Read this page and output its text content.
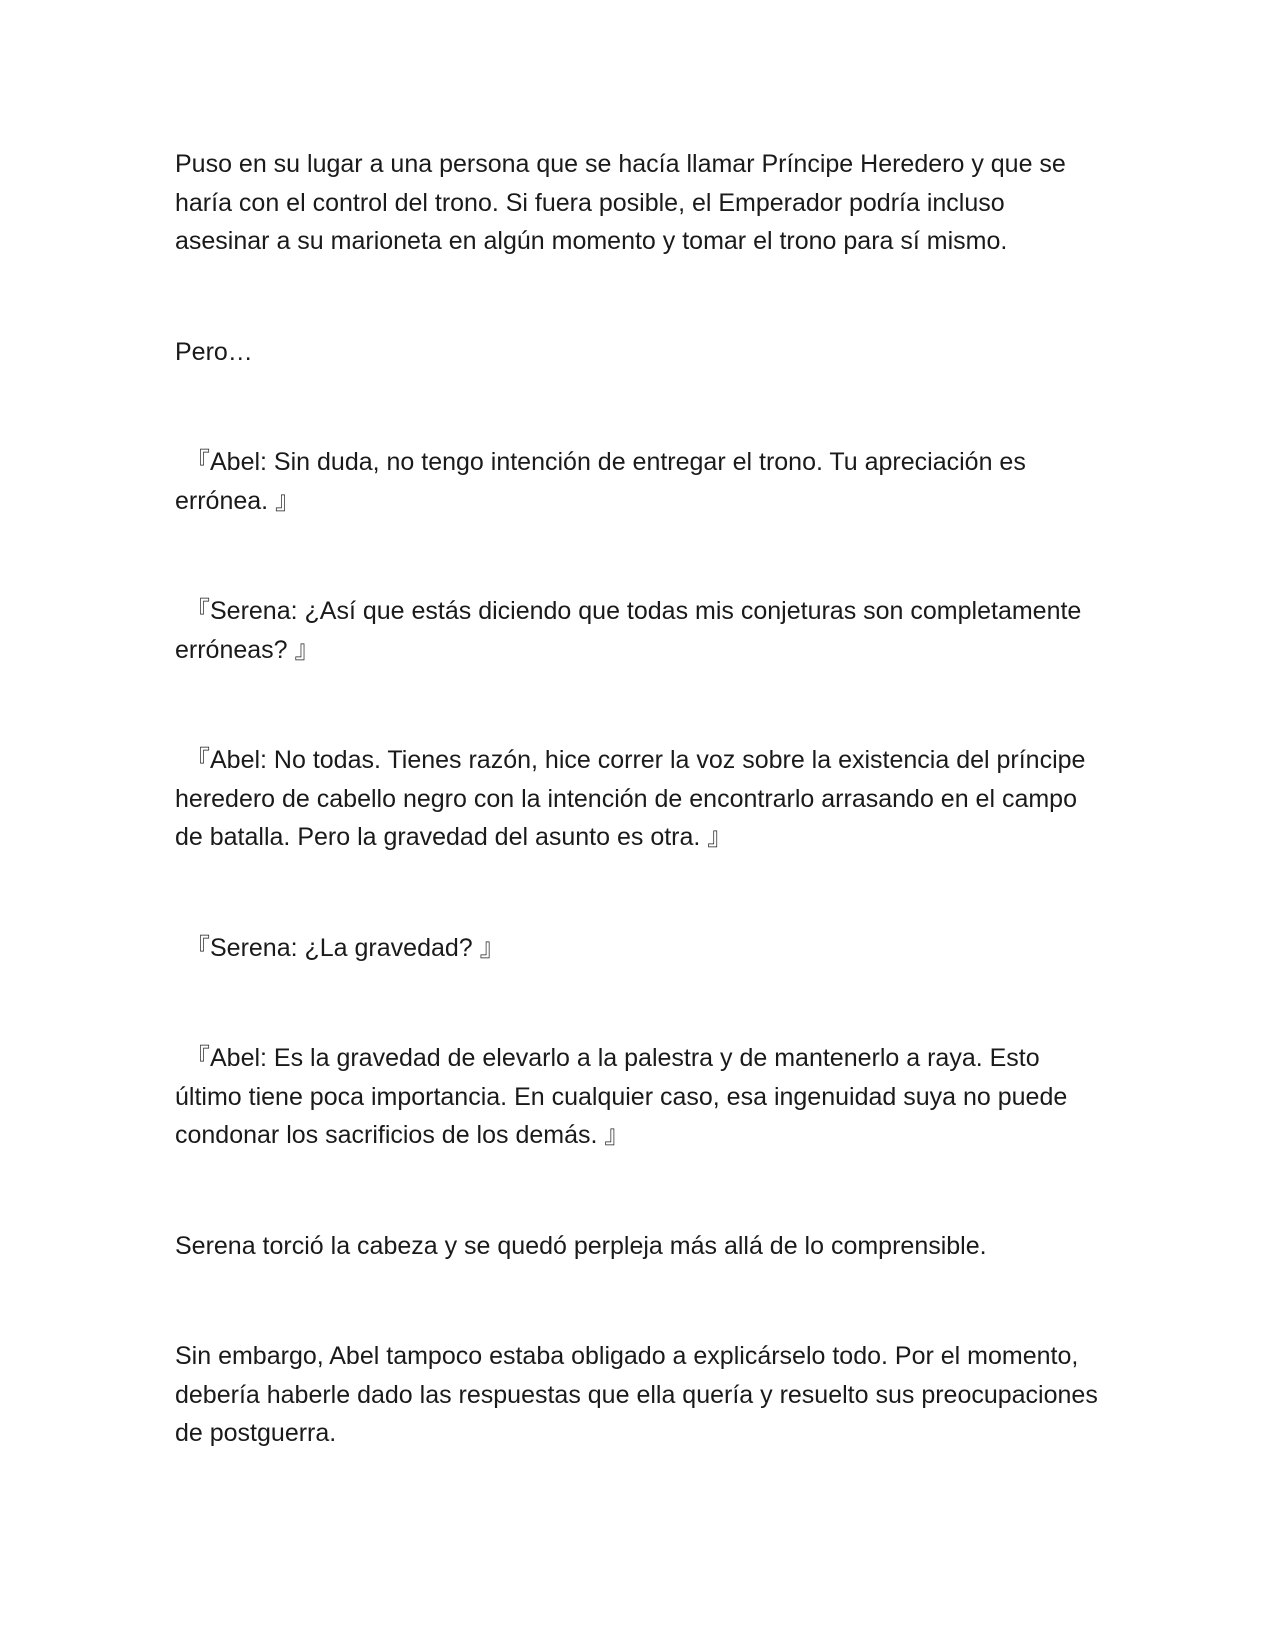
Puso en su lugar a una persona que se hacía llamar Príncipe Heredero y que se haría con el control del trono. Si fuera posible, el Emperador podría incluso asesinar a su marioneta en algún momento y tomar el trono para sí mismo.

Pero…

『Abel: Sin duda, no tengo intención de entregar el trono. Tu apreciación es errónea. 』

『Serena: ¿Así que estás diciendo que todas mis conjeturas son completamente erróneas? 』

『Abel: No todas. Tienes razón, hice correr la voz sobre la existencia del príncipe heredero de cabello negro con la intención de encontrarlo arrasando en el campo de batalla. Pero la gravedad del asunto es otra. 』

『Serena: ¿La gravedad? 』

『Abel: Es la gravedad de elevarlo a la palestra y de mantenerlo a raya. Esto último tiene poca importancia. En cualquier caso, esa ingenuidad suya no puede condonar los sacrificios de los demás. 』

Serena torció la cabeza y se quedó perpleja más allá de lo comprensible.

Sin embargo, Abel tampoco estaba obligado a explicárselo todo. Por el momento, debería haberle dado las respuestas que ella quería y resuelto sus preocupaciones de postguerra.
